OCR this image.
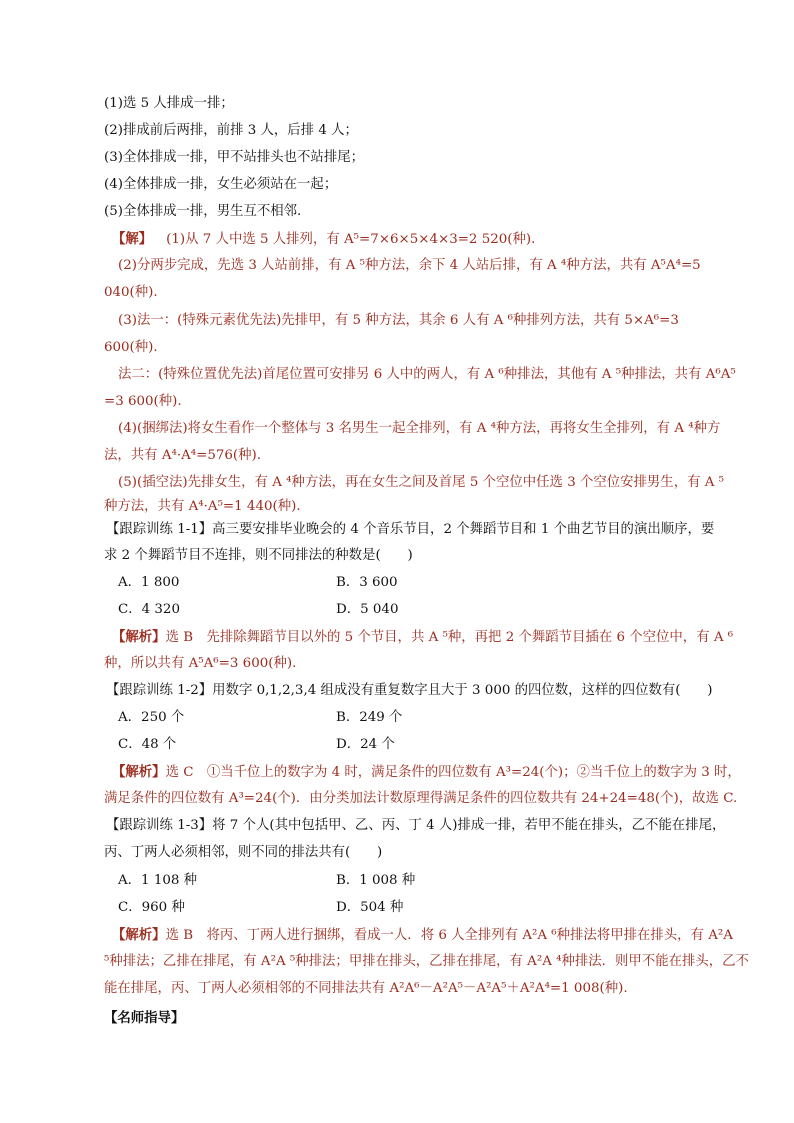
(1)选 5 人排成一排；
(2)排成前后两排，前排 3 人，后排 4 人；
(3)全体排成一排，甲不站排头也不站排尾；
(4)全体排成一排，女生必须站在一起；
(5)全体排成一排，男生互不相邻.
【解】 (1)从 7 人中选 5 人排列，有 A⁵=7×6×5×4×3=2 520(种).
(2)分两步完成，先选 3 人站前排，有 A ⁵种方法，余下 4 人站后排，有 A ⁴种方法，共有 A⁵A⁴=5
040(种).
(3)法一：(特殊元素优先法)先排甲，有 5 种方法，其余 6 人有 A ⁶种排列方法，共有 5×A⁶=3
600(种).
法二：(特殊位置优先法)首尾位置可安排另 6 人中的两人，有 A ⁶种排法，其他有 A ⁵种排法，共有 A⁶A⁵
=3 600(种).
(4)(捆绑法)将女生看作一个整体与 3 名男生一起全排列，有 A ⁴种方法，再将女生全排列，有 A ⁴种方
法，共有 A⁴·A⁴=576(种).
(5)(插空法)先排女生，有 A ⁴种方法，再在女生之间及首尾 5 个空位中任选 3 个空位安排男生，有 A ⁵
种方法，共有 A⁴·A⁵=1 440(种).
【跟踪训练 1-1】高三要安排毕业晚会的 4 个音乐节目，2 个舞蹈节目和 1 个曲艺节目的演出顺序，要
求 2 个舞蹈节目不连排，则不同排法的种数是(　　)
A．1 800	B．3 600
C．4 320	D．5 040
【解析】选 B　先排除舞蹈节目以外的 5 个节目，共 A ⁵种，再把 2 个舞蹈节目插在 6 个空位中，有 A ⁶
种，所以共有 A⁵A⁶=3 600(种).
【跟踪训练 1-2】用数字 0,1,2,3,4 组成没有重复数字且大于 3 000 的四位数，这样的四位数有(　　)
A．250 个	B．249 个
C．48 个	D．24 个
【解析】选 C　①当千位上的数字为 4 时，满足条件的四位数有 A³=24(个)；②当千位上的数字为 3 时，
满足条件的四位数有 A³=24(个)．由分类加法计数原理得满足条件的四位数共有 24+24=48(个)，故选 C.
【跟踪训练 1-3】将 7 个人(其中包括甲、乙、丙、丁 4 人)排成一排，若甲不能在排头，乙不能在排尾，
丙、丁两人必须相邻，则不同的排法共有(　　)
A．1 108 种	B．1 008 种
C．960 种	D．504 种
【解析】选 B　将丙、丁两人进行捆绑，看成一人．将 6 人全排列有 A²A ⁶种排法将甲排在排头，有 A²A
⁵种排法；乙排在排尾，有 A²A ⁵种排法；甲排在排头，乙排在排尾，有 A²A ⁴种排法．则甲不能在排头，乙不
能在排尾，丙、丁两人必须相邻的不同排法共有 A²A⁶－A²A⁵－A²A⁵＋A²A⁴=1 008(种).
【名师指导】
